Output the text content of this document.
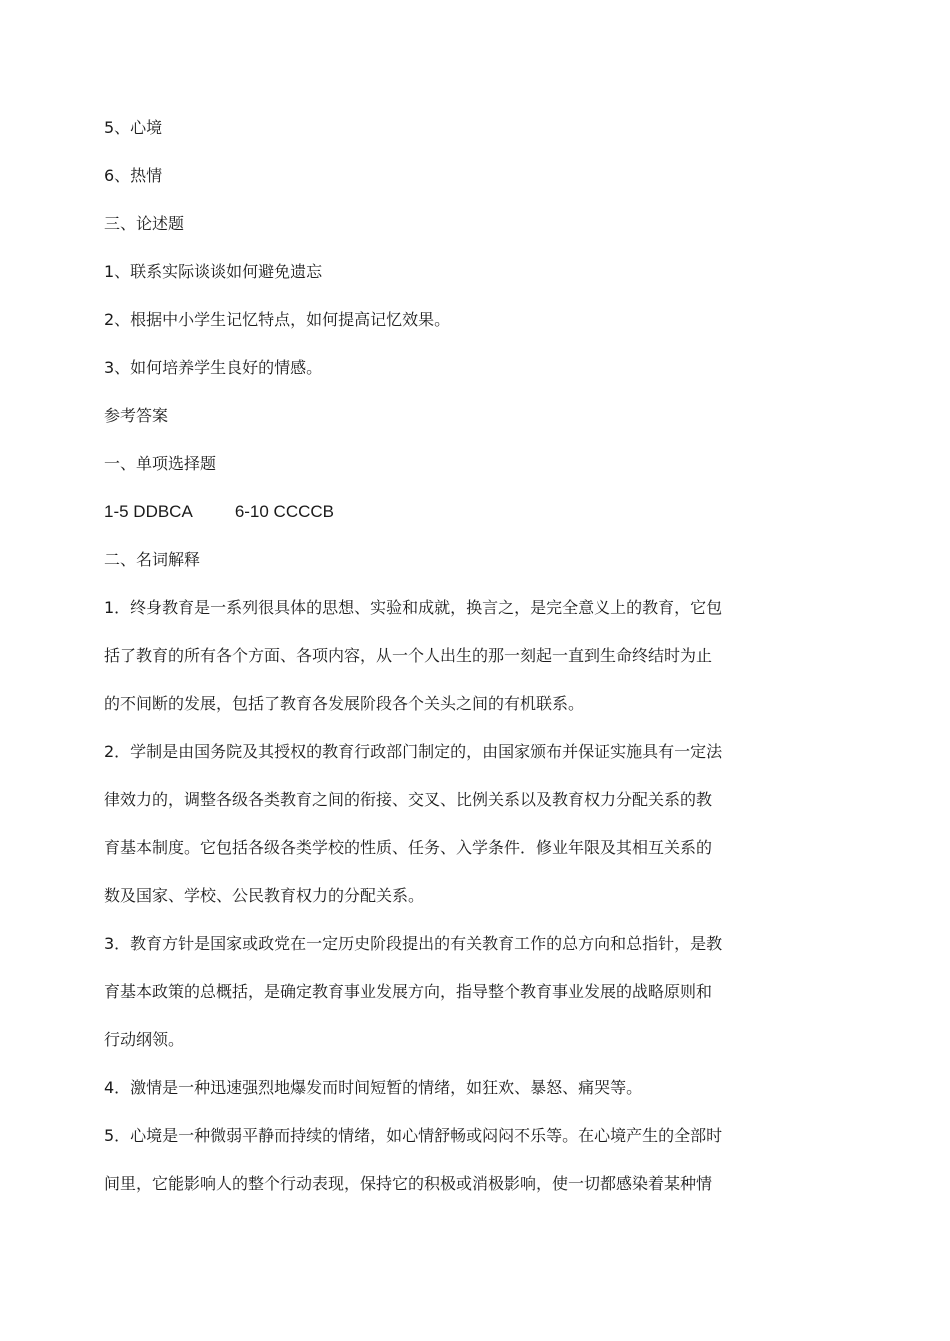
5、心境

6、热情

三、论述题

1、联系实际谈谈如何避免遗忘

2、根据中小学生记忆特点，如何提高记忆效果。

3、如何培养学生良好的情感。

参考答案

一、单项选择题

1-5 DDBCA 6-10 CCCCB

二、名词解释

1．终身教育是一系列很具体的思想、实验和成就，换言之，是完全意义上的教育，它包

括了教育的所有各个方面、各项内容，从一个人出生的那一刻起一直到生命终结时为止

的不间断的发展，包括了教育各发展阶段各个关头之间的有机联系。

2．学制是由国务院及其授权的教育行政部门制定的，由国家颁布并保证实施具有一定法

律效力的，调整各级各类教育之间的衔接、交叉、比例关系以及教育权力分配关系的教

育基本制度。它包括各级各类学校的性质、任务、入学条件．修业年限及其相互关系的

数及国家、学校、公民教育权力的分配关系。

3．教育方针是国家或政党在一定历史阶段提出的有关教育工作的总方向和总指针，是教

育基本政策的总概括，是确定教育事业发展方向，指导整个教育事业发展的战略原则和

行动纲领。

4．激情是一种迅速强烈地爆发而时间短暂的情绪，如狂欢、暴怒、痛哭等。

5．心境是一种微弱平静而持续的情绪，如心情舒畅或闷闷不乐等。在心境产生的全部时

间里，它能影响人的整个行动表现，保持它的积极或消极影响，使一切都感染着某种情
